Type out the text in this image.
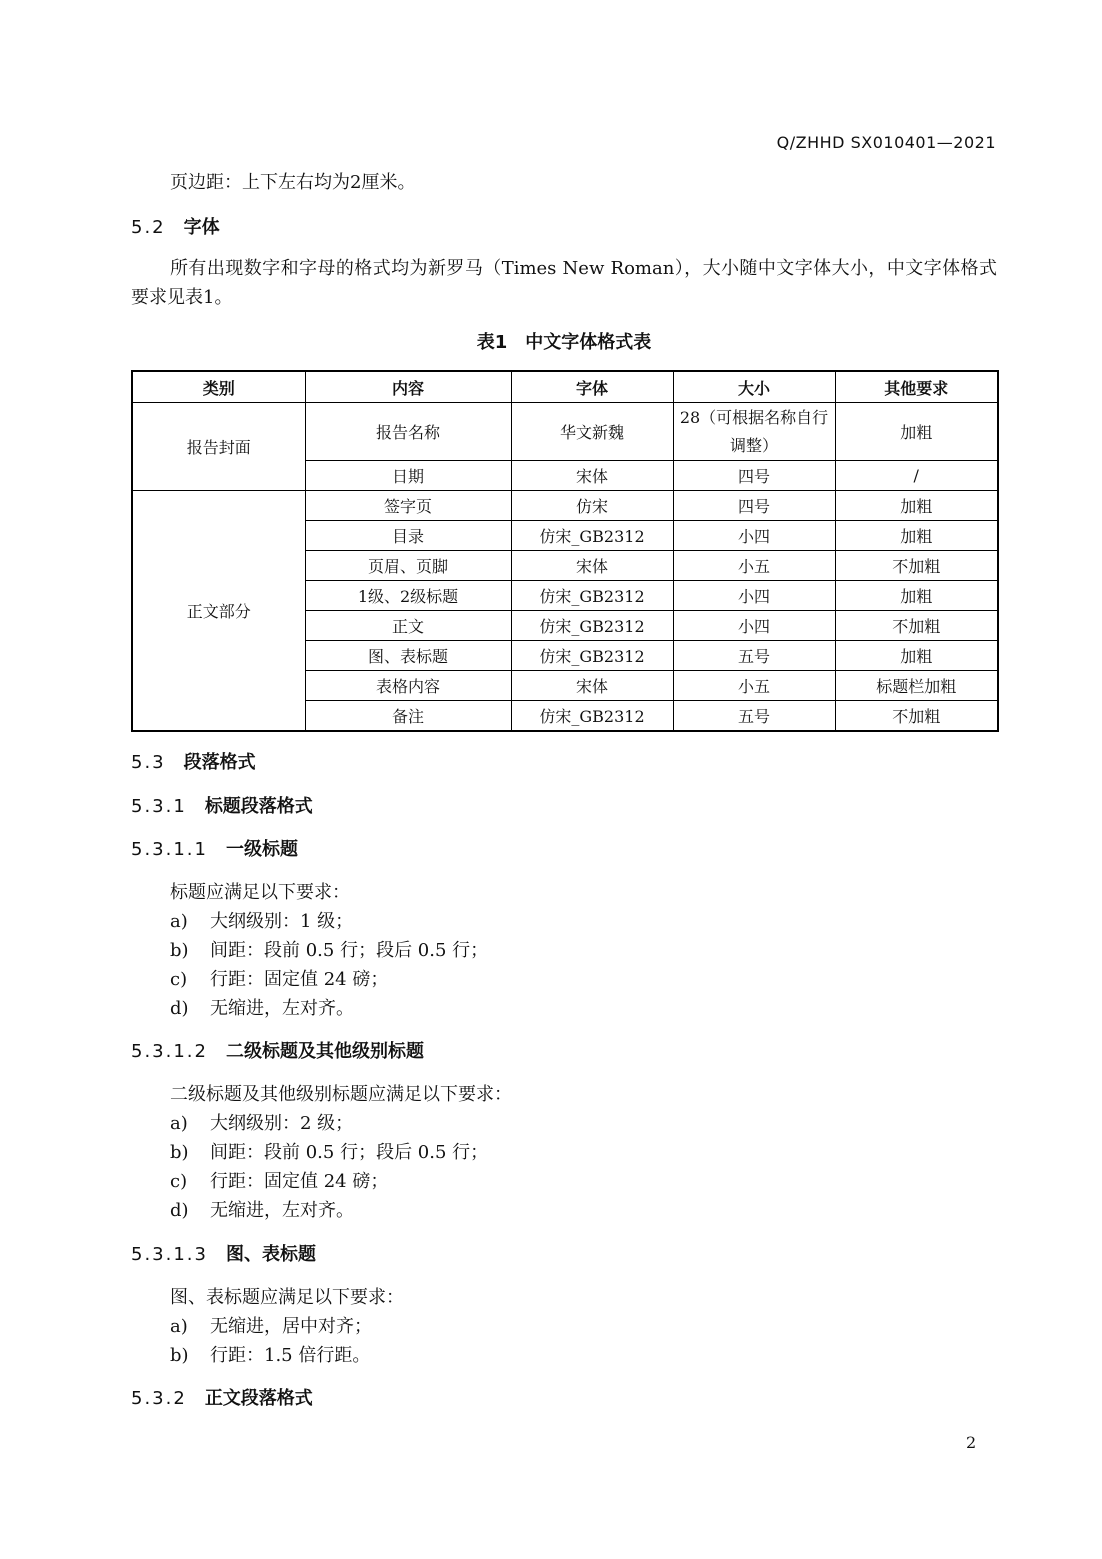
Q/ZHHD SX010401—2021
页边距：上下左右均为2厘米。
5.2 字体
所有出现数字和字母的格式均为新罗马（Times New Roman），大小随中文字体大小，中文字体格式要求见表1。
表1 中文字体格式表
类别	内容	字体	大小	其他要求
报告封面	报告名称	华文新魏	28（可根据名称自行调整）	加粗
	日期	宋体	四号	/
正文部分	签字页	仿宋	四号	加粗
	目录	仿宋_GB2312	小四	加粗
	页眉、页脚	宋体	小五	不加粗
	1级、2级标题	仿宋_GB2312	小四	加粗
	正文	仿宋_GB2312	小四	不加粗
	图、表标题	仿宋_GB2312	五号	加粗
	表格内容	宋体	小五	标题栏加粗
	备注	仿宋_GB2312	五号	不加粗
5.3 段落格式
5.3.1 标题段落格式
5.3.1.1 一级标题
标题应满足以下要求：
a) 大纲级别：1 级；
b) 间距：段前 0.5 行；段后 0.5 行；
c) 行距：固定值 24 磅；
d) 无缩进，左对齐。
5.3.1.2 二级标题及其他级别标题
二级标题及其他级别标题应满足以下要求：
a) 大纲级别：2 级；
b) 间距：段前 0.5 行；段后 0.5 行；
c) 行距：固定值 24 磅；
d) 无缩进，左对齐。
5.3.1.3 图、表标题
图、表标题应满足以下要求：
a) 无缩进，居中对齐；
b) 行距：1.5 倍行距。
5.3.2 正文段落格式
2
